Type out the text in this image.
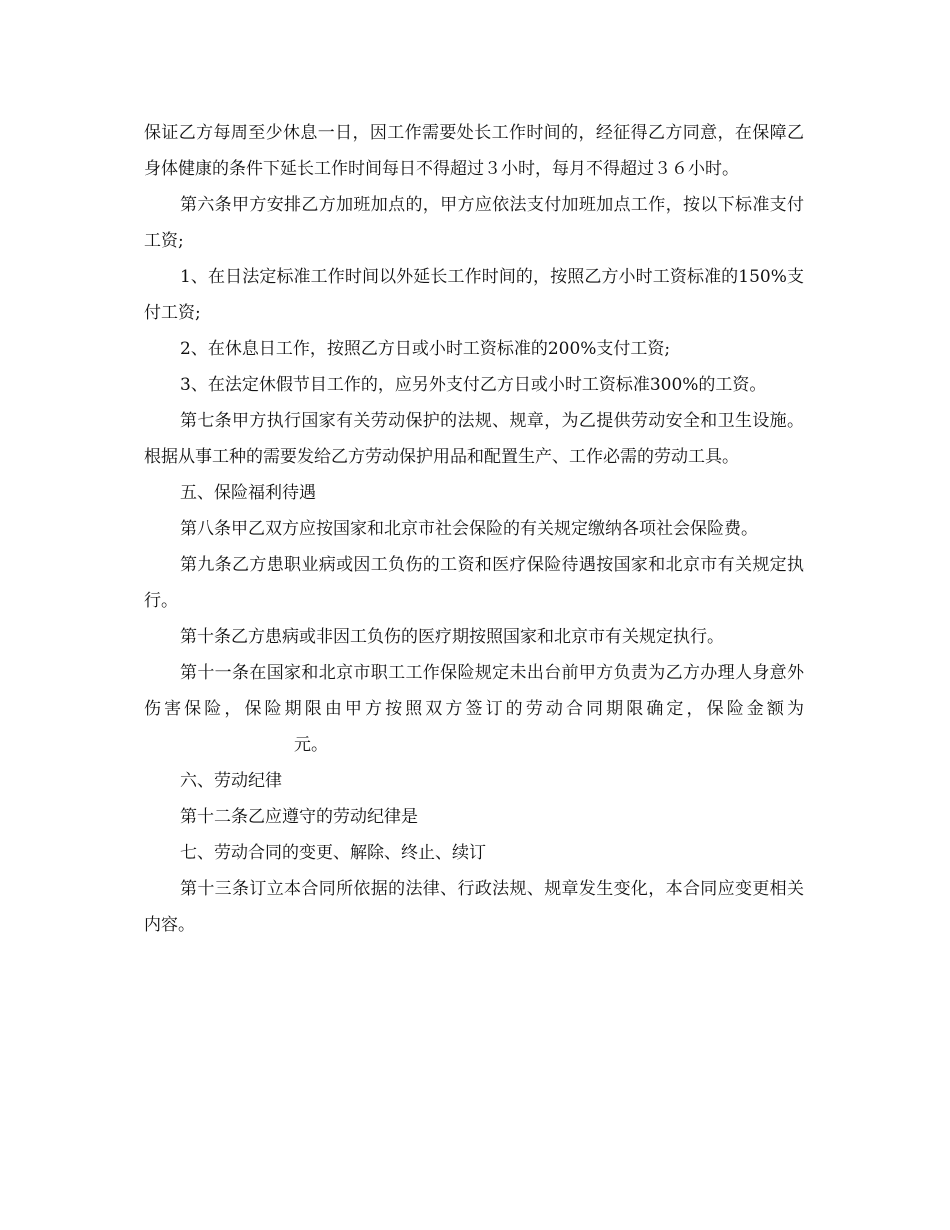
保证乙方每周至少休息一日，因工作需要处长工作时间的，经征得乙方同意，在保障乙身体健康的条件下延长工作时间每日不得超过３小时，每月不得超过３６小时。

第六条甲方安排乙方加班加点的，甲方应依法支付加班加点工作，按以下标准支付工资;

1、在日法定标准工作时间以外延长工作时间的，按照乙方小时工资标准的150%支付工资;

2、在休息日工作，按照乙方日或小时工资标准的200%支付工资;

3、在法定休假节目工作的，应另外支付乙方日或小时工资标准300%的工资。

第七条甲方执行国家有关劳动保护的法规、规章，为乙提供劳动安全和卫生设施。根据从事工种的需要发给乙方劳动保护用品和配置生产、工作必需的劳动工具。

五、保险福利待遇

第八条甲乙双方应按国家和北京市社会保险的有关规定缴纳各项社会保险费。

第九条乙方患职业病或因工负伤的工资和医疗保险待遇按国家和北京市有关规定执行。

第十条乙方患病或非因工负伤的医疗期按照国家和北京市有关规定执行。

第十一条在国家和北京市职工工作保险规定未出台前甲方负责为乙方办理人身意外伤害保险，保险期限由甲方按照双方签订的劳动合同期限确定，保险金额为元。

六、劳动纪律

第十二条乙应遵守的劳动纪律是

七、劳动合同的变更、解除、终止、续订

第十三条订立本合同所依据的法律、行政法规、规章发生变化，本合同应变更相关内容。
